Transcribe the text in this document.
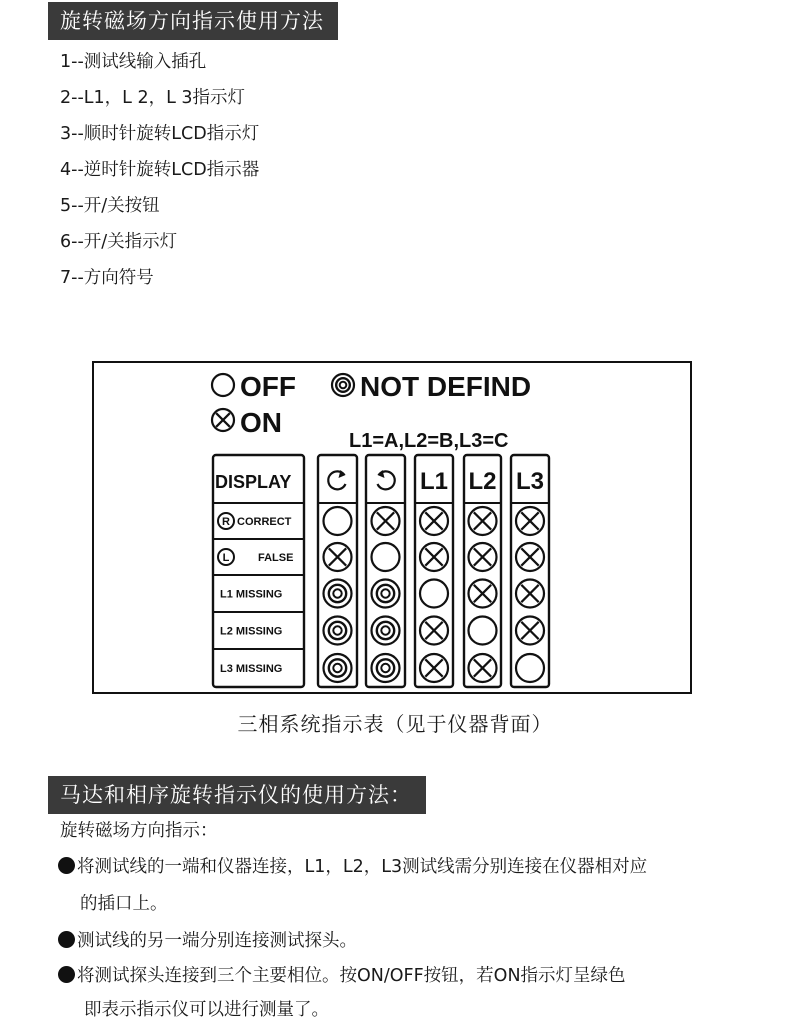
旋转磁场方向指示使用方法
1--测试线输入插孔
2--L1，L 2，L 3指示灯
3--顺时针旋转LCD指示灯
4--逆时针旋转LCD指示器
5--开/关按钮
6--开/关指示灯
7--方向符号
OFF NOT DEFIND
ON
L1=A,L2=B,L3=C
DISPLAY
R CORRECT
L	FALSE
L1 MISSING
L2 MISSING
L3 MISSING
L1 L2 L3
三相系统指示表（见于仪器背面）
马达和相序旋转指示仪的使用方法：
旋转磁场方向指示：
将测试线的一端和仪器连接，L1，L2，L3测试线需分别连接在仪器相对应
的插口上。
测试线的另一端分别连接测试探头。
将测试探头连接到三个主要相位。按ON/OFF按钮，若ON指示灯呈绿色
即表示指示仪可以进行测量了。
